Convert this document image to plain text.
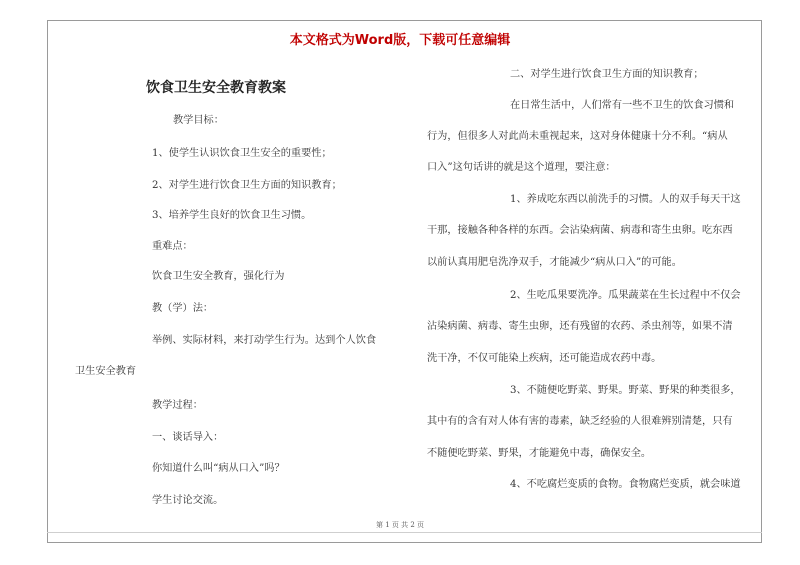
本文格式为Word版，下载可任意编辑
饮食卫生安全教育教案
教学目标：
1、使学生认识饮食卫生安全的重要性；
2、对学生进行饮食卫生方面的知识教育；
3、培养学生良好的饮食卫生习惯。
重难点：
饮食卫生安全教育，强化行为
教（学）法：
举例、实际材料，来打动学生行为。达到个人饮食
卫生安全教育
教学过程：
一、谈话导入：
你知道什么叫“病从口入”吗？
学生讨论交流。
二、对学生进行饮食卫生方面的知识教育；
在日常生活中，人们常有一些不卫生的饮食习惯和
行为，但很多人对此尚未重视起来，这对身体健康十分不利。“病从
口入”这句话讲的就是这个道理，要注意：
1、养成吃东西以前洗手的习惯。人的双手每天干这
干那，接触各种各样的东西。会沾染病菌、病毒和寄生虫卵。吃东西
以前认真用肥皂洗净双手，才能减少“病从口入”的可能。
2、生吃瓜果要洗净。瓜果蔬菜在生长过程中不仅会
沾染病菌、病毒、寄生虫卵，还有残留的农药、杀虫剂等，如果不清
洗干净，不仅可能染上疾病，还可能造成农药中毒。
3、不随便吃野菜、野果。野菜、野果的种类很多，
其中有的含有对人体有害的毒素，缺乏经验的人很难辨别清楚，只有
不随便吃野菜、野果，才能避免中毒，确保安全。
4、不吃腐烂变质的食物。食物腐烂变质，就会味道
第 1 页 共 2 页
